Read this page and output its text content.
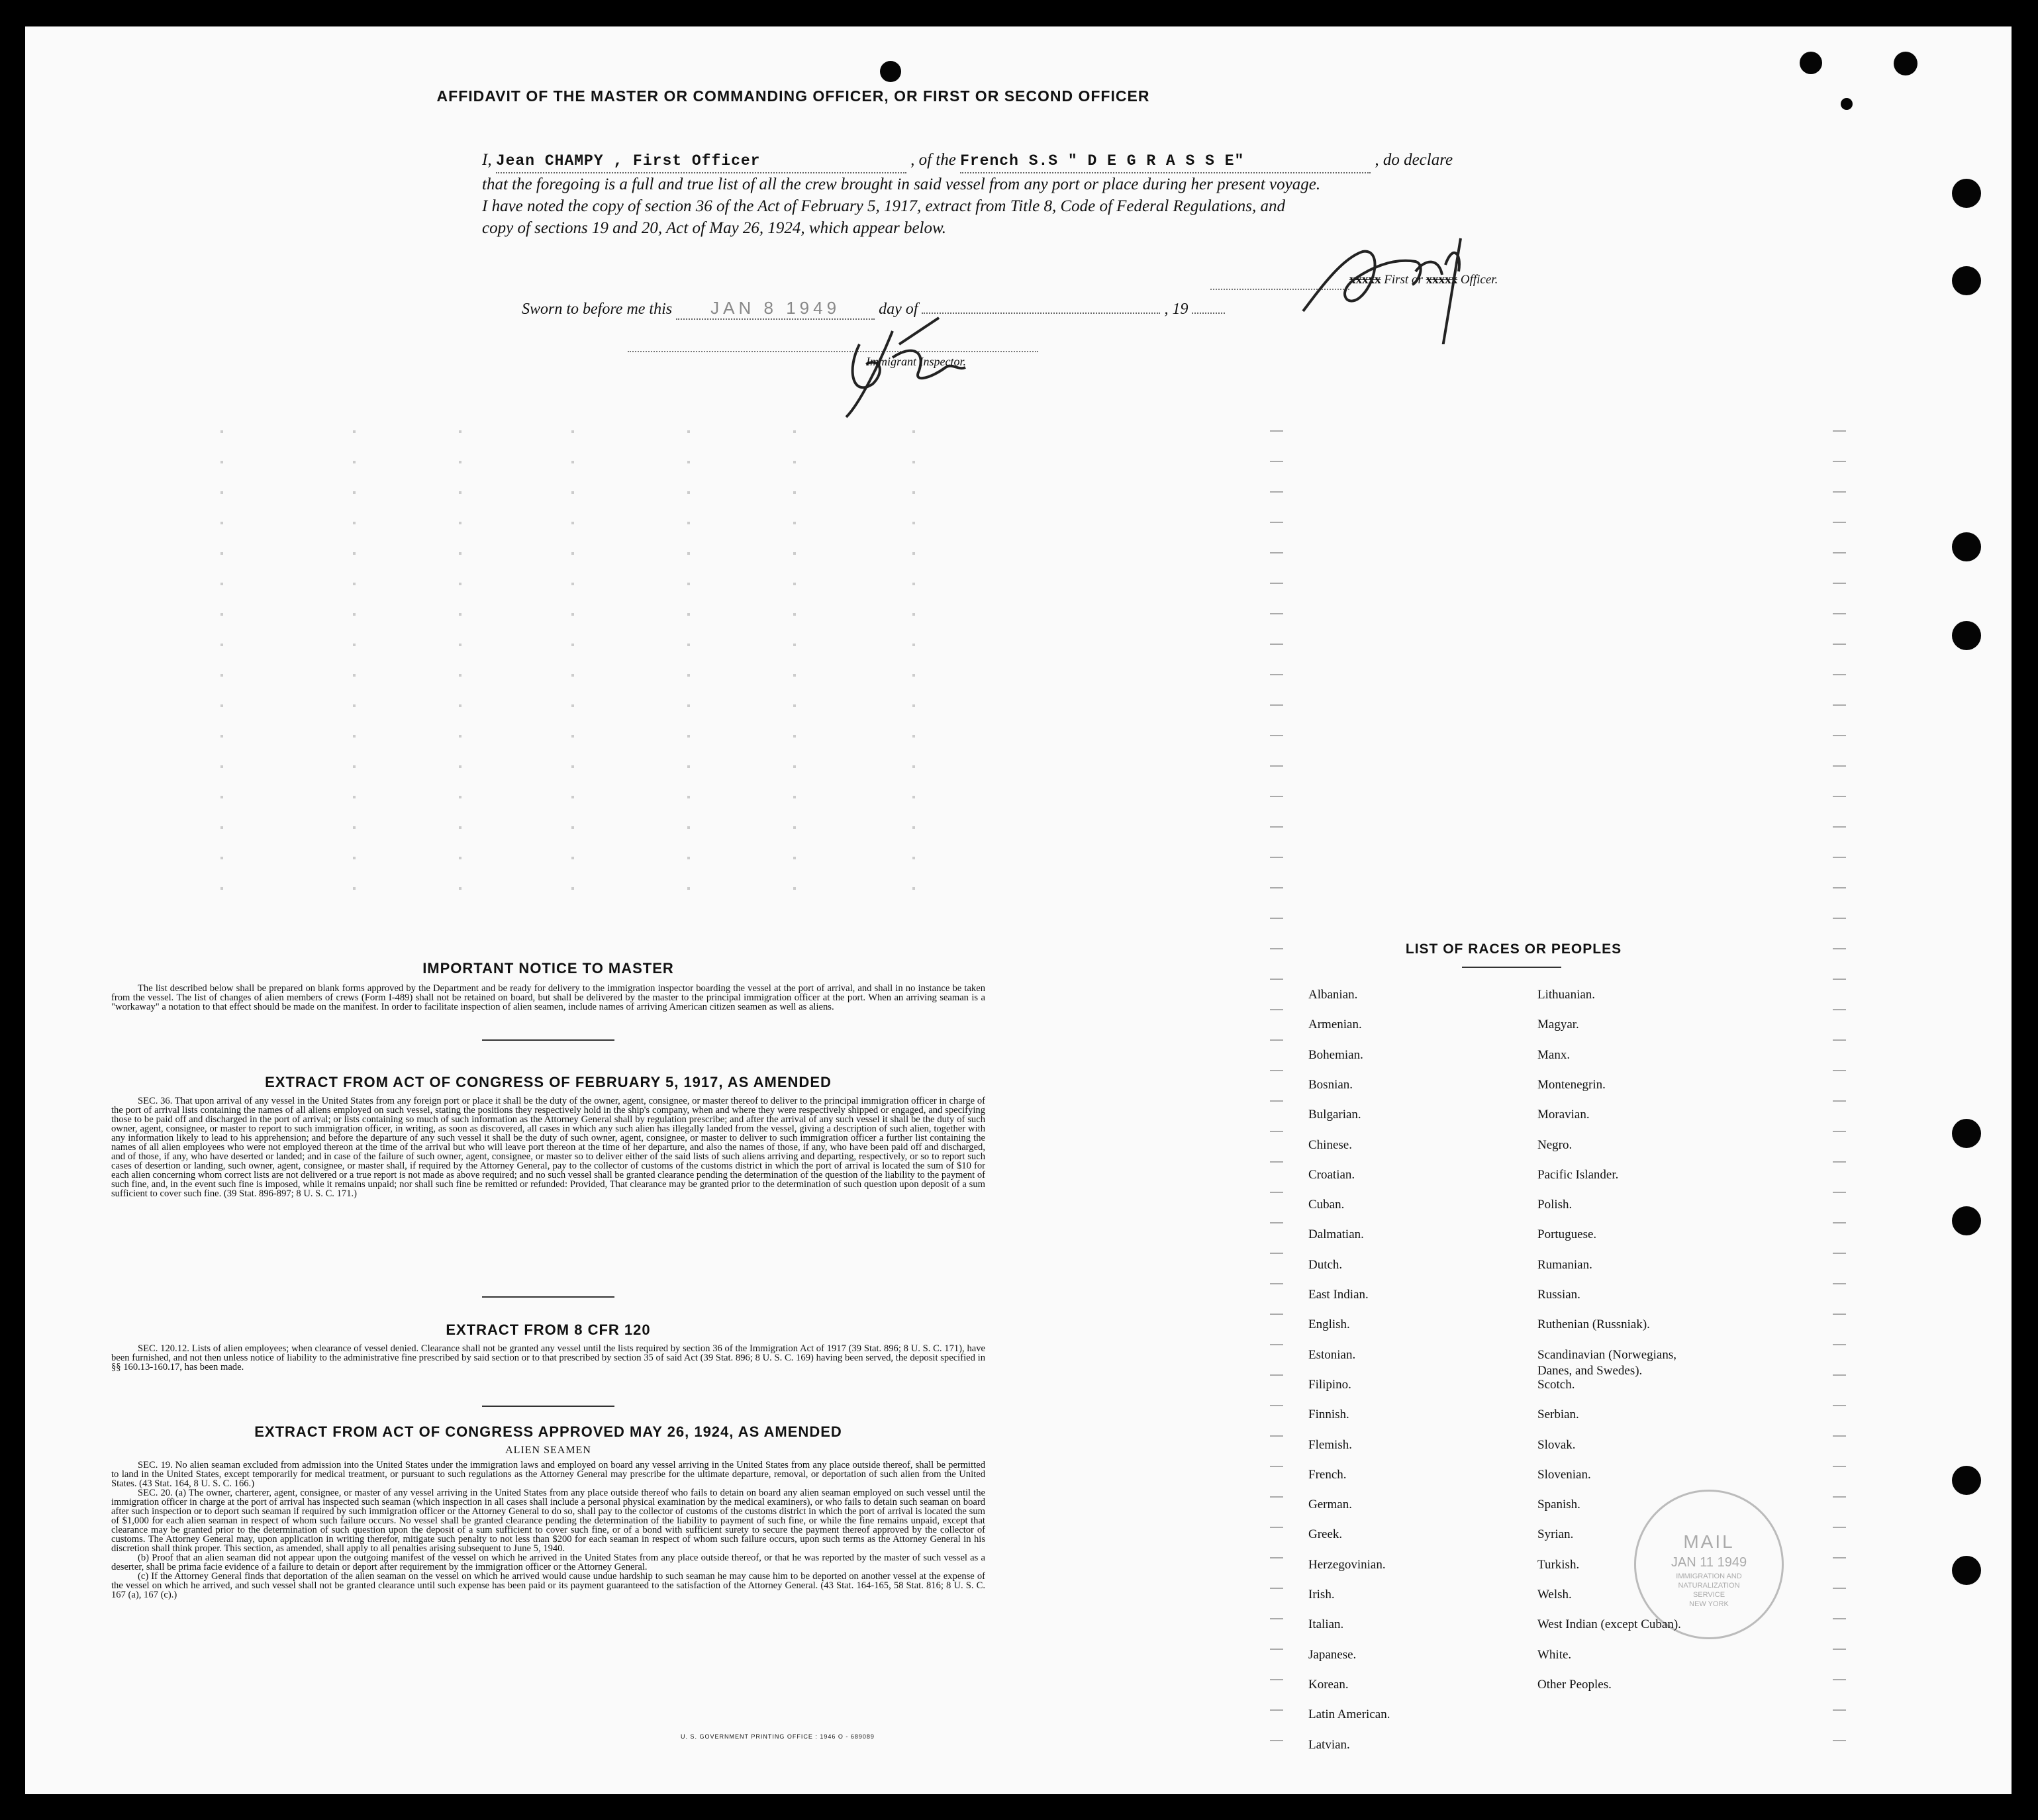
AFFIDAVIT OF THE MASTER OR COMMANDING OFFICER, OR FIRST OR SECOND OFFICER
I, Jean CHAMPY , First Officer	, of the French S.S " D E G R A S S E"	, do declare
that the foregoing is a full and true list of all the crew brought in said vessel from any port or place during her present voyage.
I have noted the copy of section 36 of the Act of February 5, 1917, extract from Title 8, Code of Federal Regulations, and
copy of sections 19 and 20, Act of May 26, 1924, which appear below.
xxxxx First or xxxxx Officer.
Sworn to before me this JAN 8 1949 day of	, 19
Immigrant Inspector.
IMPORTANT NOTICE TO MASTER
The list described below shall be prepared on blank forms approved by the Department and be ready for delivery to the immigration inspector boarding the vessel at the port of arrival, and shall in no instance be taken from the vessel. The list of changes of alien members of crews (Form I-489) shall not be retained on board, but shall be delivered by the master to the principal immigration officer at the port. When an arriving seaman is a "workaway" a notation to that effect should be made on the manifest. In order to facilitate inspection of alien seamen, include names of arriving American citizen seamen as well as aliens.
EXTRACT FROM ACT OF CONGRESS OF FEBRUARY 5, 1917, AS AMENDED
SEC. 36. That upon arrival of any vessel in the United States from any foreign port or place it shall be the duty of the owner, agent, consignee, or master thereof to deliver to the principal immigration officer in charge of the port of arrival lists containing the names of all aliens employed on such vessel, stating the positions they respectively hold in the ship's company, when and where they were respectively shipped or engaged, and specifying those to be paid off and discharged in the port of arrival; or lists containing so much of such information as the Attorney General shall by regulation prescribe; and after the arrival of any such vessel it shall be the duty of such owner, agent, consignee, or master to report to such immigration officer, in writing, as soon as discovered, all cases in which any such alien has illegally landed from the vessel, giving a description of such alien, together with any information likely to lead to his apprehension; and before the departure of any such vessel it shall be the duty of such owner, agent, consignee, or master to deliver to such immigration officer a further list containing the names of all alien employees who were not employed thereon at the time of the arrival but who will leave port thereon at the time of her departure, and also the names of those, if any, who have been paid off and discharged, and of those, if any, who have deserted or landed; and in case of the failure of such owner, agent, consignee, or master so to deliver either of the said lists of such aliens arriving and departing, respectively, or so to report such cases of desertion or landing, such owner, agent, consignee, or master shall, if required by the Attorney General, pay to the collector of customs of the customs district in which the port of arrival is located the sum of $10 for each alien concerning whom correct lists are not delivered or a true report is not made as above required; and no such vessel shall be granted clearance pending the determination of the question of the liability to the payment of such fine, and, in the event such fine is imposed, while it remains unpaid; nor shall such fine be remitted or refunded: Provided, That clearance may be granted prior to the determination of such question upon deposit of a sum sufficient to cover such fine. (39 Stat. 896-897; 8 U. S. C. 171.)
EXTRACT FROM 8 CFR 120
SEC. 120.12. Lists of alien employees; when clearance of vessel denied. Clearance shall not be granted any vessel until the lists required by section 36 of the Immigration Act of 1917 (39 Stat. 896; 8 U. S. C. 171), have been furnished, and not then unless notice of liability to the administrative fine prescribed by said section or to that prescribed by section 35 of said Act (39 Stat. 896; 8 U. S. C. 169) having been served, the deposit specified in §§ 160.13-160.17, has been made.
EXTRACT FROM ACT OF CONGRESS APPROVED MAY 26, 1924, AS AMENDED
ALIEN SEAMEN
SEC. 19. No alien seaman excluded from admission into the United States under the immigration laws and employed on board any vessel arriving in the United States from any place outside thereof, shall be permitted to land in the United States, except temporarily for medical treatment, or pursuant to such regulations as the Attorney General may prescribe for the ultimate departure, removal, or deportation of such alien from the United States. (43 Stat. 164, 8 U. S. C. 166.)
SEC. 20. (a) The owner, charterer, agent, consignee, or master of any vessel arriving in the United States from any place outside thereof who fails to detain on board any alien seaman employed on such vessel until the immigration officer in charge at the port of arrival has inspected such seaman (which inspection in all cases shall include a personal physical examination by the medical examiners), or who fails to detain such seaman on board after such inspection or to deport such seaman if required by such immigration officer or the Attorney General to do so, shall pay to the collector of customs of the customs district in which the port of arrival is located the sum of $1,000 for each alien seaman in respect of whom such failure occurs. No vessel shall be granted clearance pending the determination of the liability to payment of such fine, or while the fine remains unpaid, except that clearance may be granted prior to the determination of such question upon the deposit of a sum sufficient to cover such fine, or of a bond with sufficient surety to secure the payment thereof approved by the collector of customs. The Attorney General may, upon application in writing therefor, mitigate such penalty to not less than $200 for each seaman in respect of whom such failure occurs, upon such terms as the Attorney General in his discretion shall think proper. This section, as amended, shall apply to all penalties arising subsequent to June 5, 1940.
(b) Proof that an alien seaman did not appear upon the outgoing manifest of the vessel on which he arrived in the United States from any place outside thereof, or that he was reported by the master of such vessel as a deserter, shall be prima facie evidence of a failure to detain or deport after requirement by the immigration officer or the Attorney General.
(c) If the Attorney General finds that deportation of the alien seaman on the vessel on which he arrived would cause undue hardship to such seaman he may cause him to be deported on another vessel at the expense of the vessel on which he arrived, and such vessel shall not be granted clearance until such expense has been paid or its payment guaranteed to the satisfaction of the Attorney General. (43 Stat. 164-165, 58 Stat. 816; 8 U. S. C. 167 (a), 167 (c).)
U. S. GOVERNMENT PRINTING OFFICE : 1946 O - 689089
LIST OF RACES OR PEOPLES
MAIL
JAN 11 1949
IMMIGRATION AND
NATURALIZATION
SERVICE
NEW YORK
Albanian.
Armenian.
Bohemian.
Bosnian.
Bulgarian.
Chinese.
Croatian.
Cuban.
Dalmatian.
Dutch.
East Indian.
English.
Estonian.
Filipino.
Finnish.
Flemish.
French.
German.
Greek.
Herzegovinian.
Irish.
Italian.
Japanese.
Korean.
Latin American.
Latvian.
Lithuanian.
Magyar.
Manx.
Montenegrin.
Moravian.
Negro.
Pacific Islander.
Polish.
Portuguese.
Rumanian.
Russian.
Ruthenian (Russniak).
Scandinavian (Norwegians,
Danes, and Swedes).
Scotch.
Serbian.
Slovak.
Slovenian.
Spanish.
Syrian.
Turkish.
Welsh.
West Indian (except Cuban).
White.
Other Peoples.
